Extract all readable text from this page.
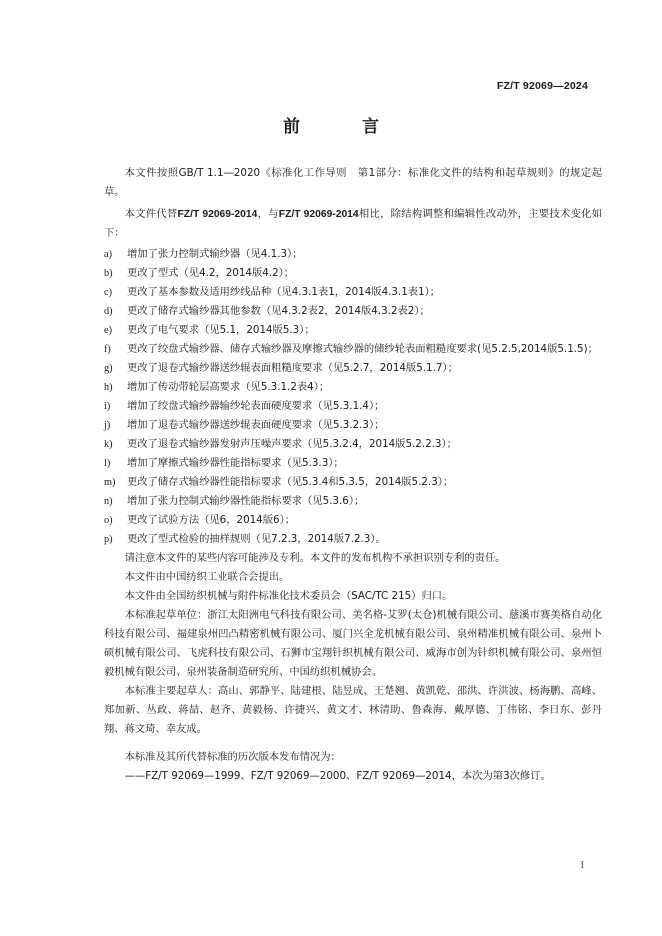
FZ/T 92069—2024
前 言

本文件按照GB/T 1.1—2020《标准化工作导则　第1部分：标准化文件的结构和起草规则》的规定起草。

本文件代替FZ/T 92069-2014，与FZ/T 92069-2014相比，除结构调整和编辑性改动外，主要技术变化如下：

a)	增加了张力控制式输纱器（见4.1.3）；
b)	更改了型式（见4.2，2014版4.2）；
c)	更改了基本参数及适用纱线品种（见4.3.1表1，2014版4.3.1表1）；
d)	更改了储存式输纱器其他参数（见4.3.2表2，2014版4.3.2表2）；
e)	更改了电气要求（见5.1，2014版5.3）；
f)	更改了绞盘式输纱器、储存式输纱器及摩擦式输纱器的储纱轮表面粗糙度要求(见5.2.5,2014版5.1.5)；
g)	更改了退卷式输纱器送纱辊表面粗糙度要求（见5.2.7，2014版5.1.7）；
h)	增加了传动带轮层高要求（见5.3.1.2表4）；
i)	增加了绞盘式输纱器输纱轮表面硬度要求（见5.3.1.4）；
j)	增加了退卷式输纱器送纱辊表面硬度要求（见5.3.2.3）；
k)	更改了退卷式输纱器发射声压噪声要求（见5.3.2.4，2014版5.2.2.3）；
l)	增加了摩擦式输纱器性能指标要求（见5.3.3）；
m)	更改了储存式输纱器性能指标要求（见5.3.4和5.3.5，2014版5.2.3）；
n)	增加了张力控制式输纱器性能指标要求（见5.3.6）；
o)	更改了试验方法（见6，2014版6）；
p)	更改了型式检验的抽样规则（见7.2.3，2014版7.2.3）。

请注意本文件的某些内容可能涉及专利。本文件的发布机构不承担识别专利的责任。

本文件由中国纺织工业联合会提出。

本文件由全国纺织机械与附件标准化技术委员会（SAC/TC 215）归口。

本标准起草单位：浙江太阳洲电气科技有限公司、美名格-艾罗(太仓)机械有限公司、慈溪市赛美格自动化科技有限公司、福建泉州凹凸精密机械有限公司、厦门兴全龙机械有限公司、泉州精准机械有限公司、泉州卜硕机械有限公司、飞虎科技有限公司、石狮市宝翔针织机械有限公司、威海市创为针织机械有限公司、泉州恒毅机械有限公司、泉州装备制造研究所、中国纺织机械协会。

本标准主要起草人：高山、郭静平、陆建根、陆昱成、王楚翘、黄凯乾、邵洪、许洪波、杨海鹏、高峰、郑加新、丛政、蒋喆、赵齐、黄毅杨、许捷兴、黄文才、林清助、鲁森海、戴厚德、丁伟铭、李日东、彭丹翔、蒋文琦、幸友成。

本标准及其所代替标准的历次版本发布情况为：

——FZ/T 92069—1999、FZ/T 92069—2000、FZ/T 92069—2014，本次为第3次修订。

I
